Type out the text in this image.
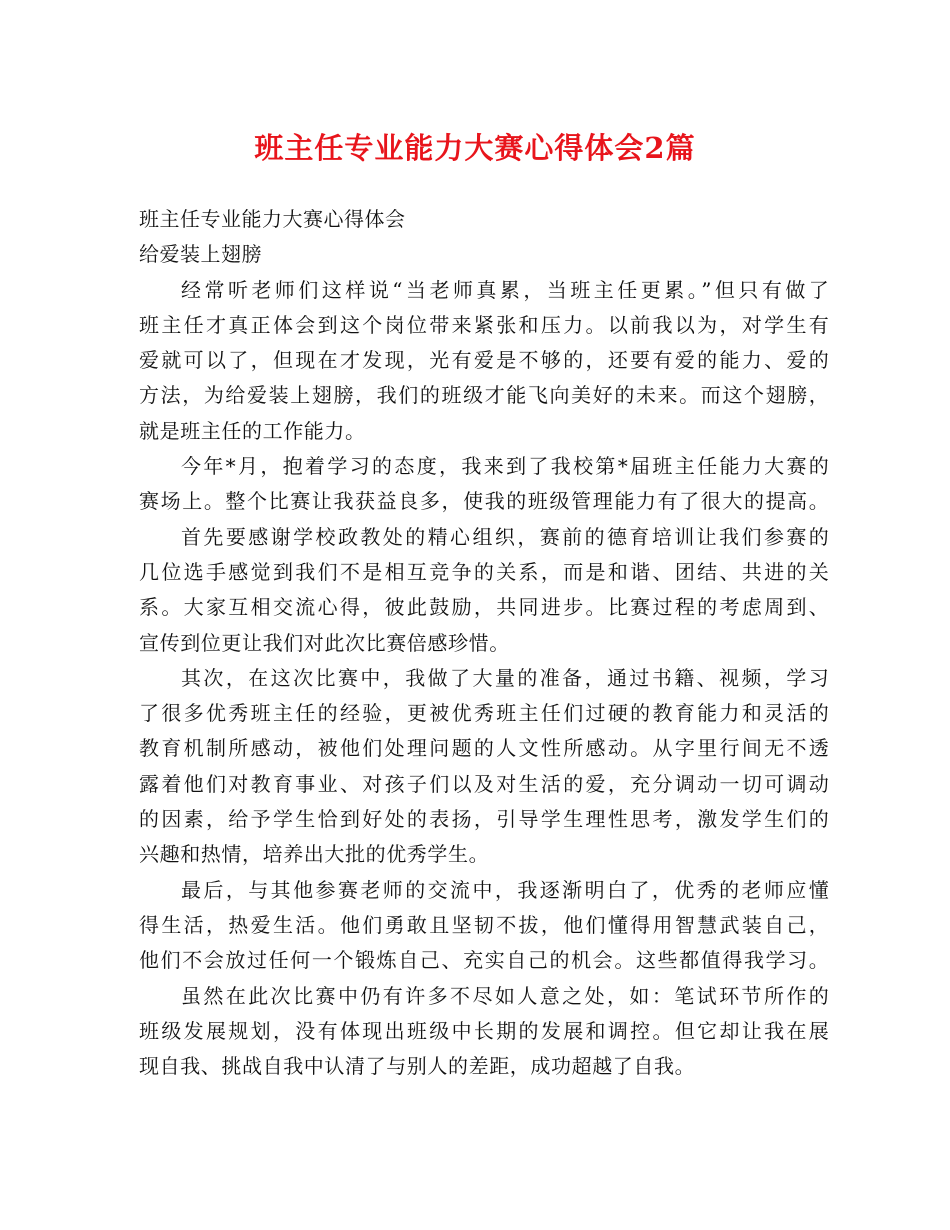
班主任专业能力大赛心得体会2篇
班主任专业能力大赛心得体会
给爱装上翅膀
经常听老师们这样说“当老师真累，当班主任更累。”但只有做了
班主任才真正体会到这个岗位带来紧张和压力。以前我以为，对学生有
爱就可以了，但现在才发现，光有爱是不够的，还要有爱的能力、爱的
方法，为给爱装上翅膀，我们的班级才能飞向美好的未来。而这个翅膀，
就是班主任的工作能力。
今年*月，抱着学习的态度，我来到了我校第*届班主任能力大赛的
赛场上。整个比赛让我获益良多，使我的班级管理能力有了很大的提高。
首先要感谢学校政教处的精心组织，赛前的德育培训让我们参赛的
几位选手感觉到我们不是相互竞争的关系，而是和谐、团结、共进的关
系。大家互相交流心得，彼此鼓励，共同进步。比赛过程的考虑周到、
宣传到位更让我们对此次比赛倍感珍惜。
其次，在这次比赛中，我做了大量的准备，通过书籍、视频，学习
了很多优秀班主任的经验，更被优秀班主任们过硬的教育能力和灵活的
教育机制所感动，被他们处理问题的人文性所感动。从字里行间无不透
露着他们对教育事业、对孩子们以及对生活的爱，充分调动一切可调动
的因素，给予学生恰到好处的表扬，引导学生理性思考，激发学生们的
兴趣和热情，培养出大批的优秀学生。
最后，与其他参赛老师的交流中，我逐渐明白了，优秀的老师应懂
得生活，热爱生活。他们勇敢且坚韧不拔，他们懂得用智慧武装自己，
他们不会放过任何一个锻炼自己、充实自己的机会。这些都值得我学习。
虽然在此次比赛中仍有许多不尽如人意之处，如：笔试环节所作的
班级发展规划，没有体现出班级中长期的发展和调控。但它却让我在展
现自我、挑战自我中认清了与别人的差距，成功超越了自我。
